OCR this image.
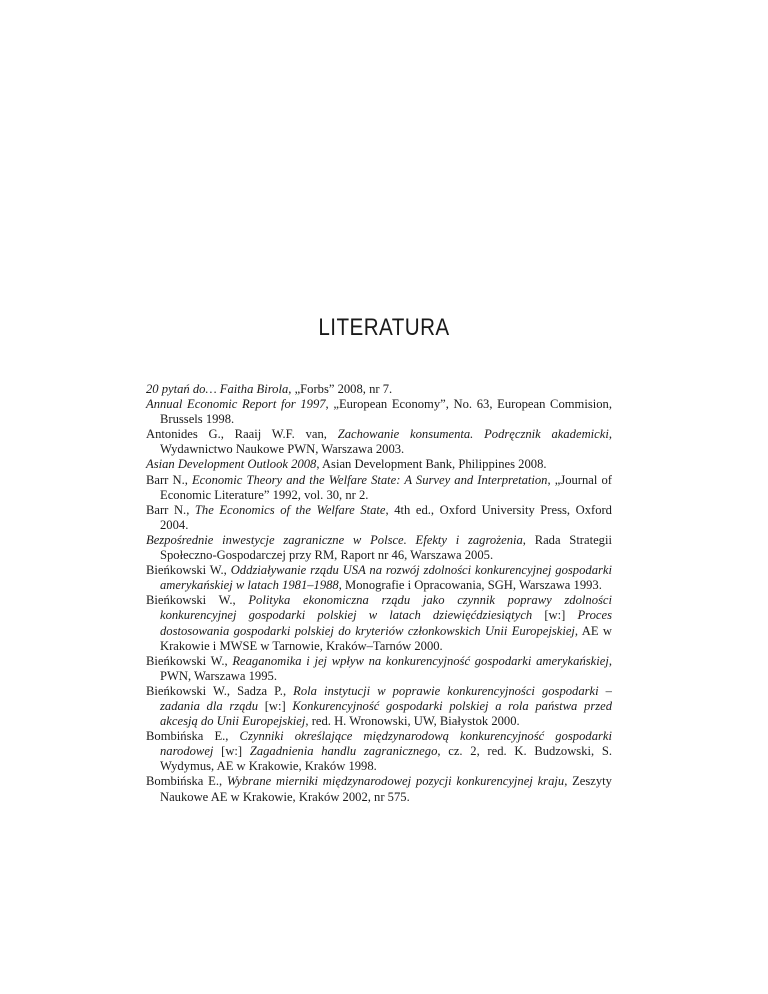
LITERATURA

20 pytań do… Faitha Birola, „Forbs” 2008, nr 7.

Annual Economic Report for 1997, „European Economy”, No. 63, European Commision, Brussels 1998.

Antonides G., Raaij W.F. van, Zachowanie konsumenta. Podręcznik akademicki, Wydawnictwo Naukowe PWN, Warszawa 2003.

Asian Development Outlook 2008, Asian Development Bank, Philippines 2008.

Barr N., Economic Theory and the Welfare State: A Survey and Interpretation, „Journal of Economic Literature” 1992, vol. 30, nr 2.

Barr N., The Economics of the Welfare State, 4th ed., Oxford University Press, Oxford 2004.

Bezpośrednie inwestycje zagraniczne w Polsce. Efekty i zagrożenia, Rada Strategii Społeczno-Gospodarczej przy RM, Raport nr 46, Warszawa 2005.

Bieńkowski W., Oddziaływanie rządu USA na rozwój zdolności konkurencyjnej gospodarki amerykańskiej w latach 1981–1988, Monografie i Opracowania, SGH, Warszawa 1993.

Bieńkowski W., Polityka ekonomiczna rządu jako czynnik poprawy zdolności konkurencyjnej gospodarki polskiej w latach dziewięćdziesiątych [w:] Proces dostosowania gospodarki polskiej do kryteriów członkowskich Unii Europejskiej, AE w Krakowie i MWSE w Tarnowie, Kraków–Tarnów 2000.

Bieńkowski W., Reaganomika i jej wpływ na konkurencyjność gospodarki amerykańskiej, PWN, Warszawa 1995.

Bieńkowski W., Sadza P., Rola instytucji w poprawie konkurencyjności gospodarki – zadania dla rządu [w:] Konkurencyjność gospodarki polskiej a rola państwa przed akcesją do Unii Europejskiej, red. H. Wronowski, UW, Białystok 2000.

Bombińska E., Czynniki określające międzynarodową konkurencyjność gospodarki narodowej [w:] Zagadnienia handlu zagranicznego, cz. 2, red. K. Budzowski, S. Wydymus, AE w Krakowie, Kraków 1998.

Bombińska E., Wybrane mierniki międzynarodowej pozycji konkurencyjnej kraju, Zeszyty Naukowe AE w Krakowie, Kraków 2002, nr 575.
